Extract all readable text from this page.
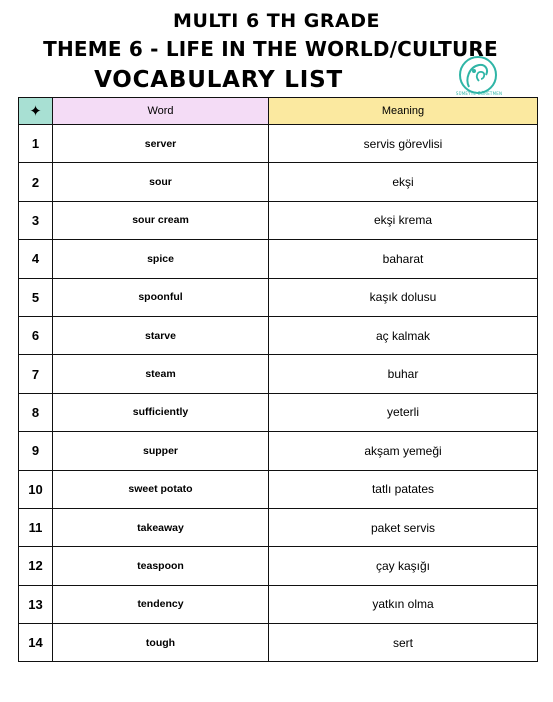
MULTI 6 TH GRADE
THEME 6 - LIFE IN THE WORLD/CULTURE
VOCABULARY LIST
SÜMEYYE ÖĞRETMEN
✦	Word	Meaning
1	server	servis görevlisi
2	sour	ekşi
3	sour cream	ekşi krema
4	spice	baharat
5	spoonful	kaşık dolusu
6	starve	aç kalmak
7	steam	buhar
8	sufficiently	yeterli
9	supper	akşam yemeği
10	sweet potato	tatlı patates
11	takeaway	paket servis
12	teaspoon	çay kaşığı
13	tendency	yatkın olma
14	tough	sert
